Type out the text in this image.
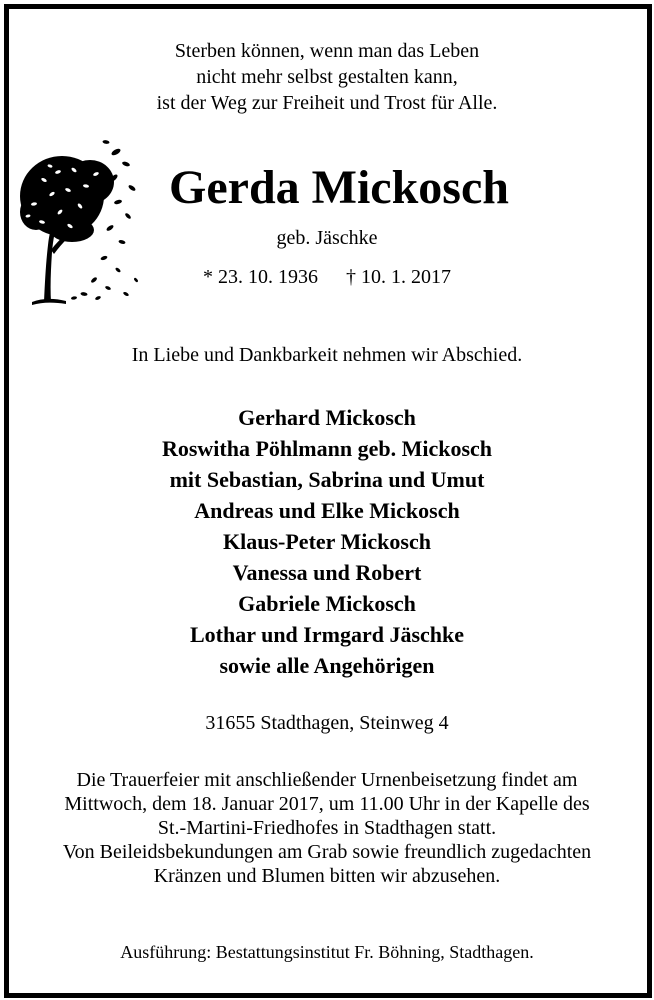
Sterben können, wenn man das Leben
nicht mehr selbst gestalten kann,
ist der Weg zur Freiheit und Trost für Alle.
Gerda Mickosch
geb. Jäschke
* 23. 10. 1936 † 10. 1. 2017
In Liebe und Dankbarkeit nehmen wir Abschied.
Gerhard Mickosch
Roswitha Pöhlmann geb. Mickosch
mit Sebastian, Sabrina und Umut
Andreas und Elke Mickosch
Klaus-Peter Mickosch
Vanessa und Robert
Gabriele Mickosch
Lothar und Irmgard Jäschke
sowie alle Angehörigen
31655 Stadthagen, Steinweg 4
Die Trauerfeier mit anschließender Urnenbeisetzung findet am
Mittwoch, dem 18. Januar 2017, um 11.00 Uhr in der Kapelle des
St.-Martini-Friedhofes in Stadthagen statt.
Von Beileidsbekundungen am Grab sowie freundlich zugedachten
Kränzen und Blumen bitten wir abzusehen.
Ausführung: Bestattungsinstitut Fr. Böhning, Stadthagen.
